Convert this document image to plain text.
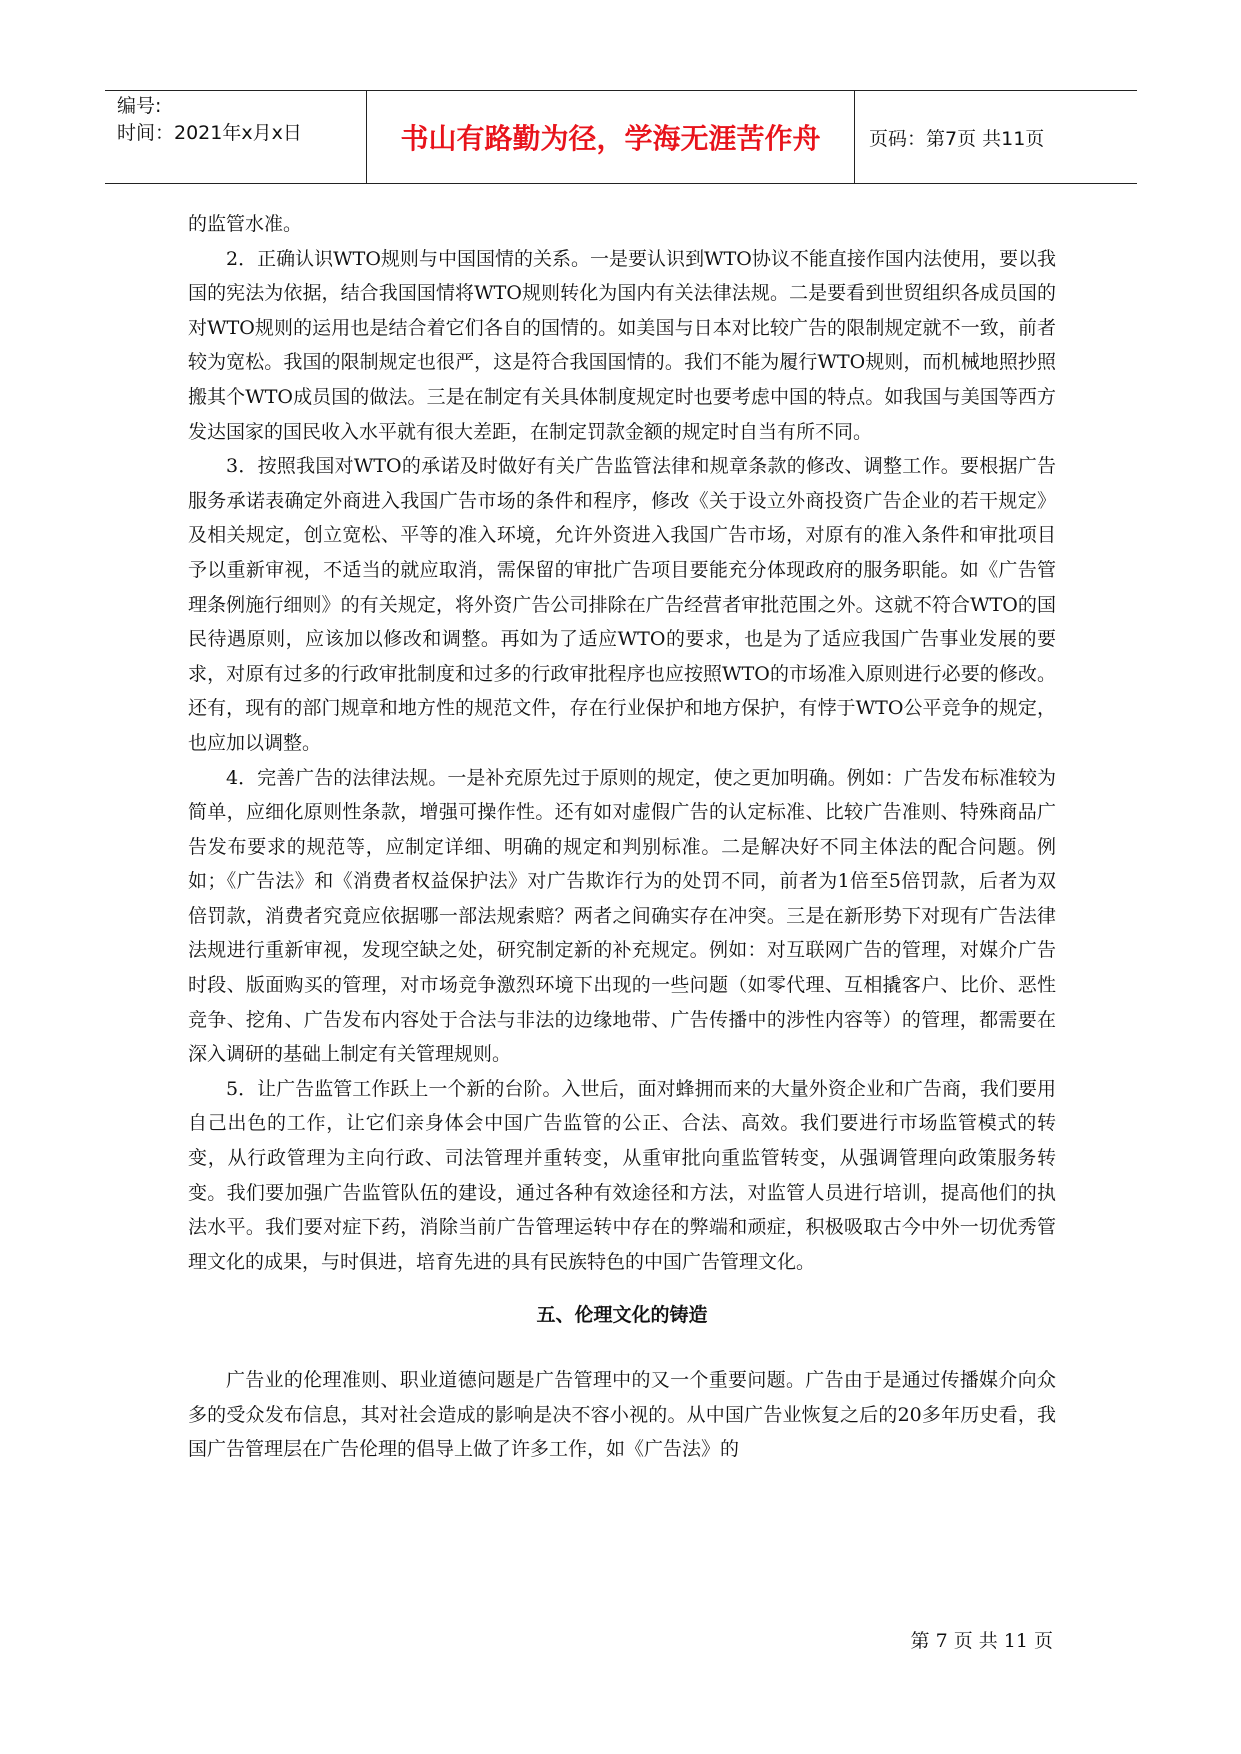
编号:
时间：2021年x月x日	书山有路勤为径，学海无涯苦作舟	页码：第7页 共11页

的监管水准。

2．正确认识WTO规则与中国国情的关系。一是要认识到WTO协议不能直接作国内法使用，要以我国的宪法为依据，结合我国国情将WTO规则转化为国内有关法律法规。二是要看到世贸组织各成员国的对WTO规则的运用也是结合着它们各自的国情的。如美国与日本对比较广告的限制规定就不一致，前者较为宽松。我国的限制规定也很严，这是符合我国国情的。我们不能为履行WTO规则，而机械地照抄照搬其个WTO成员国的做法。三是在制定有关具体制度规定时也要考虑中国的特点。如我国与美国等西方发达国家的国民收入水平就有很大差距，在制定罚款金额的规定时自当有所不同。

3．按照我国对WTO的承诺及时做好有关广告监管法律和规章条款的修改、调整工作。要根据广告服务承诺表确定外商进入我国广告市场的条件和程序，修改《关于设立外商投资广告企业的若干规定》及相关规定，创立宽松、平等的准入环境，允许外资进入我国广告市场，对原有的准入条件和审批项目予以重新审视，不适当的就应取消，需保留的审批广告项目要能充分体现政府的服务职能。如《广告管理条例施行细则》的有关规定，将外资广告公司排除在广告经营者审批范围之外。这就不符合WTO的国民待遇原则，应该加以修改和调整。再如为了适应WTO的要求，也是为了适应我国广告事业发展的要求，对原有过多的行政审批制度和过多的行政审批程序也应按照WTO的市场准入原则进行必要的修改。还有，现有的部门规章和地方性的规范文件，存在行业保护和地方保护，有悖于WTO公平竞争的规定，也应加以调整。

4．完善广告的法律法规。一是补充原先过于原则的规定，使之更加明确。例如：广告发布标准较为简单，应细化原则性条款，增强可操作性。还有如对虚假广告的认定标准、比较广告准则、特殊商品广告发布要求的规范等，应制定详细、明确的规定和判别标准。二是解决好不同主体法的配合问题。例如；《广告法》和《消费者权益保护法》对广告欺诈行为的处罚不同，前者为1倍至5倍罚款，后者为双倍罚款，消费者究竟应依据哪一部法规索赔？两者之间确实存在冲突。三是在新形势下对现有广告法律法规进行重新审视，发现空缺之处，研究制定新的补充规定。例如：对互联网广告的管理，对媒介广告时段、版面购买的管理，对市场竞争激烈环境下出现的一些问题（如零代理、互相撬客户、比价、恶性竞争、挖角、广告发布内容处于合法与非法的边缘地带、广告传播中的涉性内容等）的管理，都需要在深入调研的基础上制定有关管理规则。

5．让广告监管工作跃上一个新的台阶。入世后，面对蜂拥而来的大量外资企业和广告商，我们要用自己出色的工作，让它们亲身体会中国广告监管的公正、合法、高效。我们要进行市场监管模式的转变，从行政管理为主向行政、司法管理并重转变，从重审批向重监管转变，从强调管理向政策服务转变。我们要加强广告监管队伍的建设，通过各种有效途径和方法，对监管人员进行培训，提高他们的执法水平。我们要对症下药，消除当前广告管理运转中存在的弊端和顽症，积极吸取古今中外一切优秀管理文化的成果，与时俱进，培育先进的具有民族特色的中国广告管理文化。

五、伦理文化的铸造

广告业的伦理准则、职业道德问题是广告管理中的又一个重要问题。广告由于是通过传播媒介向众多的受众发布信息，其对社会造成的影响是决不容小视的。从中国广告业恢复之后的20多年历史看，我国广告管理层在广告伦理的倡导上做了许多工作，如《广告法》的

第 7 页 共 11 页
